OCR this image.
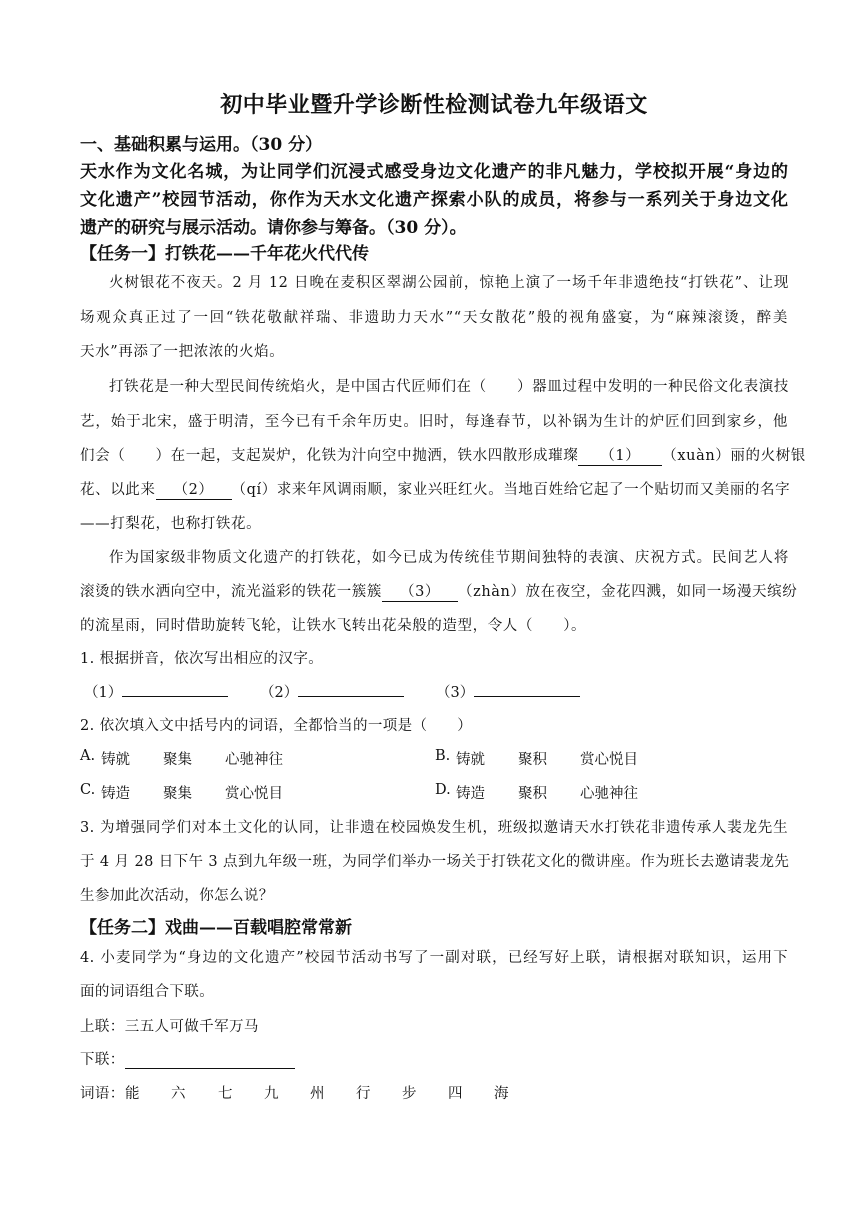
初中毕业暨升学诊断性检测试卷九年级语文
一、基础积累与运用。（30 分）
天水作为文化名城，为让同学们沉浸式感受身边文化遗产的非凡魅力，学校拟开展“身边的
文化遗产”校园节活动，你作为天水文化遗产探索小队的成员，将参与一系列关于身边文化
遗产的研究与展示活动。请你参与筹备。（30 分）。
【任务一】打铁花——千年花火代代传
火树银花不夜天。2 月 12 日晚在麦积区翠湖公园前，惊艳上演了一场千年非遗绝技“打铁花”、让现
场观众真正过了一回“铁花敬献祥瑞、非遗助力天水”“天女散花”般的视角盛宴，为“麻辣滚烫，醉美
天水”再添了一把浓浓的火焰。
打铁花是一种大型民间传统焰火，是中国古代匠师们在（　　）器皿过程中发明的一种民俗文化表演技
艺，始于北宋，盛于明清，至今已有千余年历史。旧时，每逢春节，以补锅为生计的炉匠们回到家乡，他
们会（　　）在一起，支起炭炉，化铁为汁向空中抛洒，铁水四散形成璀璨 （1） （xuàn）丽的火树银
花、以此来 （2） （qí）求来年风调雨顺，家业兴旺红火。当地百姓给它起了一个贴切而又美丽的名字
——打梨花，也称打铁花。
作为国家级非物质文化遗产的打铁花，如今已成为传统佳节期间独特的表演、庆祝方式。民间艺人将
滚烫的铁水洒向空中，流光溢彩的铁花一簇簇 （3） （zhàn）放在夜空，金花四溅，如同一场漫天缤纷
的流星雨，同时借助旋转飞轮，让铁水飞转出花朵般的造型，令人（　　）。
1. 根据拼音，依次写出相应的汉字。
（1）	（2）	（3）
2. 依次填入文中括号内的词语，全都恰当的一项是（　　）
A. 铸就 聚集 心驰神往	B. 铸就 聚积 赏心悦目
C. 铸造 聚集 赏心悦目	D. 铸造 聚积 心驰神往
3. 为增强同学们对本土文化的认同，让非遗在校园焕发生机，班级拟邀请天水打铁花非遗传承人裴龙先生
于 4 月 28 日下午 3 点到九年级一班，为同学们举办一场关于打铁花文化的微讲座。作为班长去邀请裴龙先
生参加此次活动，你怎么说？
【任务二】戏曲——百载唱腔常常新
4. 小麦同学为“身边的文化遗产”校园节活动书写了一副对联，已经写好上联，请根据对联知识，运用下
面的词语组合下联。
上联：三五人可做千军万马
下联：
词语： 能 六 七 九 州 行 步 四 海
